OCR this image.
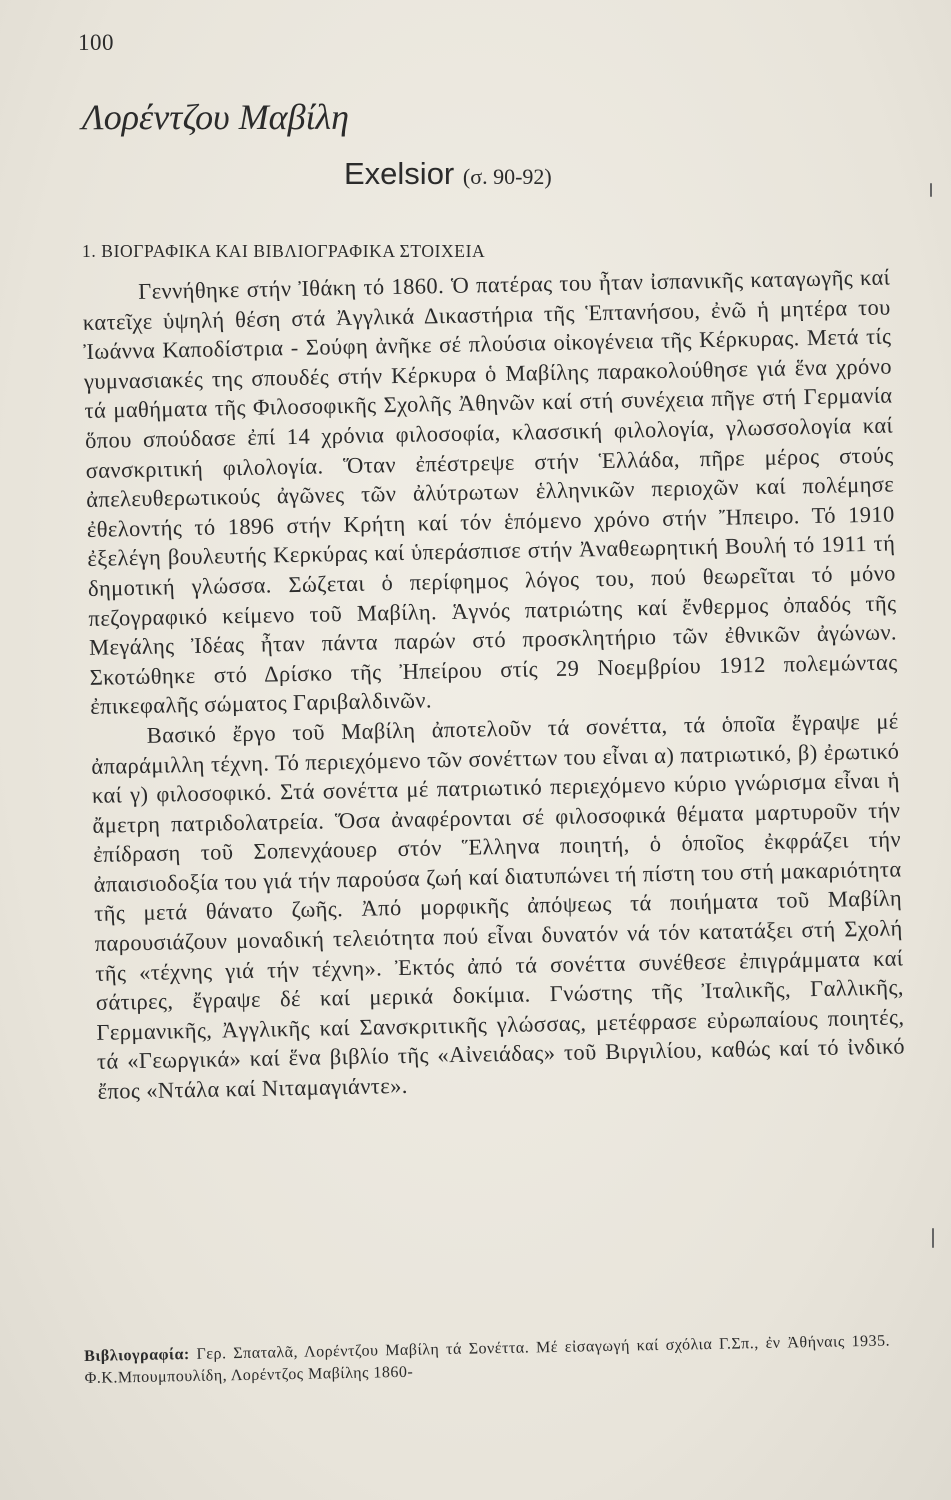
100
Λορέντζου Μαβίλη
Exelsior (σ. 90-92)
1. ΒΙΟΓΡΑΦΙΚΑ ΚΑΙ ΒΙΒΛΙΟΓΡΑΦΙΚΑ ΣΤΟΙΧΕΙΑ

Γεννήθηκε στήν Ἰθάκη τό 1860. Ὁ πατέρας του ἦταν ἰσπανικῆς καταγωγῆς καί κατεῖχε ὑψηλή θέση στά Ἀγγλικά Δικαστήρια τῆς Ἑπτανήσου, ἐνῶ ἡ μητέρα του Ἰωάννα Καποδίστρια - Σούφη ἀνῆκε σέ πλούσια οἰκογένεια τῆς Κέρκυρας. Μετά τίς γυμνασιακές της σπουδές στήν Κέρκυρα ὁ Μαβίλης παρακολούθησε γιά ἕνα χρόνο τά μαθήματα τῆς Φιλοσοφικῆς Σχολῆς Ἀθηνῶν καί στή συνέχεια πῆγε στή Γερμανία ὅπου σπούδασε ἐπί 14 χρόνια φιλοσοφία, κλασσική φιλολογία, γλωσσολογία καί σανσκριτική φιλολογία. Ὅταν ἐπέστρεψε στήν Ἑλλάδα, πῆρε μέρος στούς ἀπελευθερωτικούς ἀγῶνες τῶν ἀλύτρωτων ἑλληνικῶν περιοχῶν καί πολέμησε ἐθελοντής τό 1896 στήν Κρήτη καί τόν ἑπόμενο χρόνο στήν Ἤπειρο. Τό 1910 ἐξελέγη βουλευτής Κερκύρας καί ὑπεράσπισε στήν Ἀναθεωρητική Βουλή τό 1911 τή δημοτική γλώσσα. Σώζεται ὁ περίφημος λόγος του, πού θεωρεῖται τό μόνο πεζογραφικό κείμενο τοῦ Μαβίλη. Ἁγνός πατριώτης καί ἔνθερμος ὀπαδός τῆς Μεγάλης Ἰδέας ἦταν πάντα παρών στό προσκλητήριο τῶν ἐθνικῶν ἀγώνων. Σκοτώθηκε στό Δρίσκο τῆς Ἠπείρου στίς 29 Νοεμβρίου 1912 πολεμώντας ἐπικεφαλῆς σώματος Γαριβαλδινῶν.

Βασικό ἔργο τοῦ Μαβίλη ἀποτελοῦν τά σονέττα, τά ὁποῖα ἔγραψε μέ ἀπαράμιλλη τέχνη. Τό περιεχόμενο τῶν σονέττων του εἶναι α) πατριωτικό, β) ἐρωτικό καί γ) φιλοσοφικό. Στά σονέττα μέ πατριωτικό περιεχόμενο κύριο γνώρισμα εἶναι ἡ ἄμετρη πατριδολατρεία. Ὅσα ἀναφέρονται σέ φιλοσοφικά θέματα μαρτυροῦν τήν ἐπίδραση τοῦ Σοπενχάουερ στόν Ἕλληνα ποιητή, ὁ ὁποῖος ἐκφράζει τήν ἀπαισιοδοξία του γιά τήν παρούσα ζωή καί διατυπώνει τή πίστη του στή μακαριότητα τῆς μετά θάνατο ζωῆς. Ἀπό μορφικῆς ἀπόψεως τά ποιήματα τοῦ Μαβίλη παρουσιάζουν μοναδική τελειότητα πού εἶναι δυνατόν νά τόν κατατάξει στή Σχολή τῆς «τέχνης γιά τήν τέχνη». Ἐκτός ἀπό τά σονέττα συνέθεσε ἐπιγράμματα καί σάτιρες, ἔγραψε δέ καί μερικά δοκίμια. Γνώστης τῆς Ἰταλικῆς, Γαλλικῆς, Γερμανικῆς, Ἀγγλικῆς καί Σανσκριτικῆς γλώσσας, μετέφρασε εὐρωπαίους ποιητές, τά «Γεωργικά» καί ἕνα βιβλίο τῆς «Αἰνειάδας» τοῦ Βιργιλίου, καθώς καί τό ἰνδικό ἔπος «Ντάλα καί Νιταμαγιάντε».

Βιβλιογραφία: Γερ. Σπαταλᾶ, Λορέντζου Μαβίλη τά Σονέττα. Μέ εἰσαγωγή καί σχόλια Γ.Σπ., ἐν Ἀθήναις 1935. Φ.Κ.Μπουμπουλίδη, Λορέντζος Μαβίλης 1860-
